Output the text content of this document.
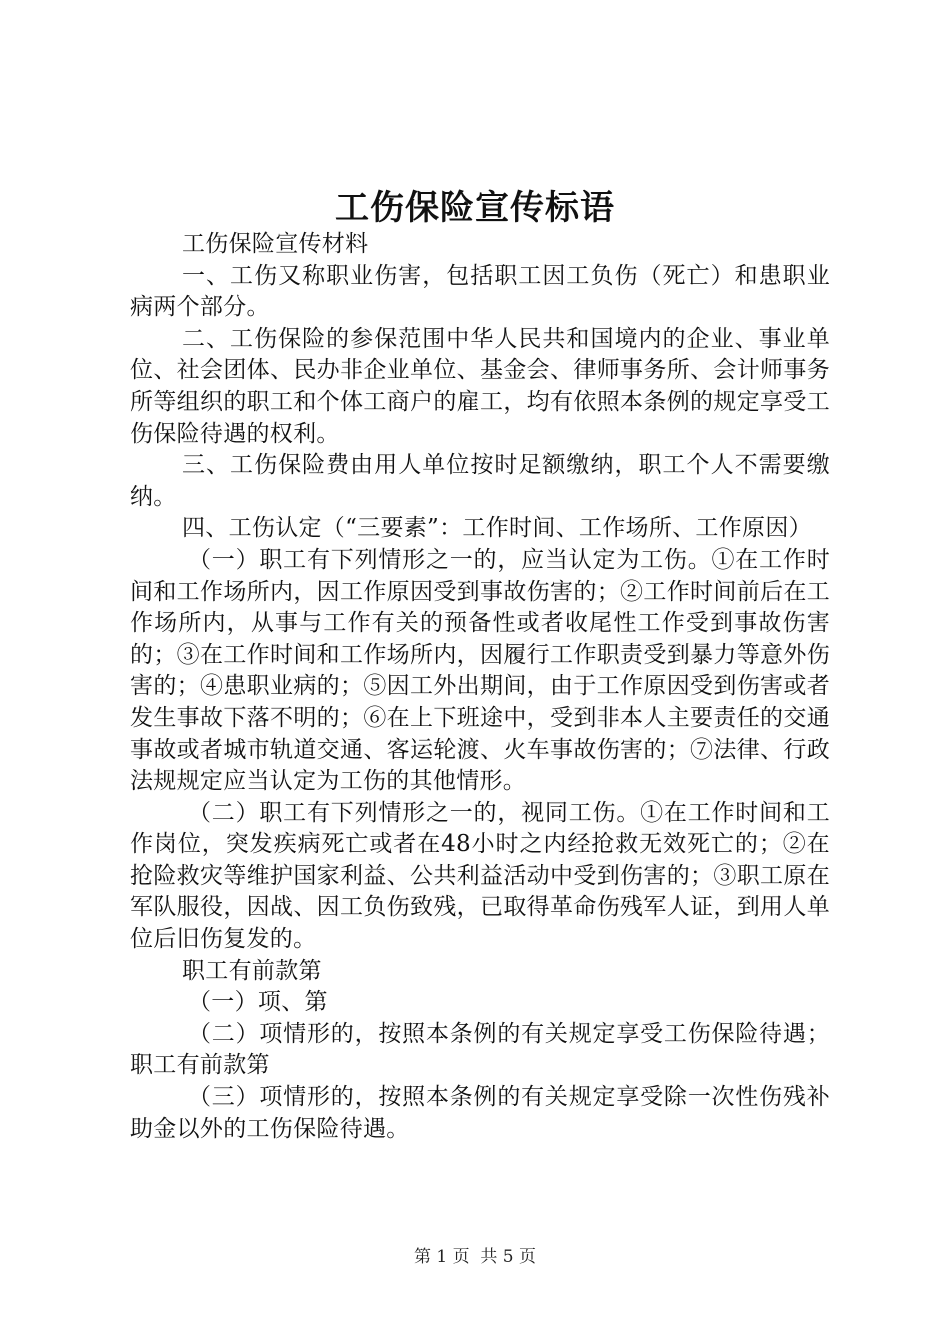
工伤保险宣传标语

工伤保险宣传材料

一、工伤又称职业伤害，包括职工因工负伤（死亡）和患职业病两个部分。

二、工伤保险的参保范围中华人民共和国境内的企业、事业单位、社会团体、民办非企业单位、基金会、律师事务所、会计师事务所等组织的职工和个体工商户的雇工，均有依照本条例的规定享受工伤保险待遇的权利。

三、工伤保险费由用人单位按时足额缴纳，职工个人不需要缴纳。

四、工伤认定（“三要素”：工作时间、工作场所、工作原因）

（一）职工有下列情形之一的，应当认定为工伤。①在工作时间和工作场所内，因工作原因受到事故伤害的；②工作时间前后在工作场所内，从事与工作有关的预备性或者收尾性工作受到事故伤害的；③在工作时间和工作场所内，因履行工作职责受到暴力等意外伤害的；④患职业病的；⑤因工外出期间，由于工作原因受到伤害或者发生事故下落不明的；⑥在上下班途中，受到非本人主要责任的交通事故或者城市轨道交通、客运轮渡、火车事故伤害的；⑦法律、行政法规规定应当认定为工伤的其他情形。

（二）职工有下列情形之一的，视同工伤。①在工作时间和工作岗位，突发疾病死亡或者在48小时之内经抢救无效死亡的；②在抢险救灾等维护国家利益、公共利益活动中受到伤害的；③职工原在军队服役，因战、因工负伤致残，已取得革命伤残军人证，到用人单位后旧伤复发的。

职工有前款第

（一）项、第

（二）项情形的，按照本条例的有关规定享受工伤保险待遇；职工有前款第

（三）项情形的，按照本条例的有关规定享受除一次性伤残补助金以外的工伤保险待遇。

第 1 页  共 5 页
